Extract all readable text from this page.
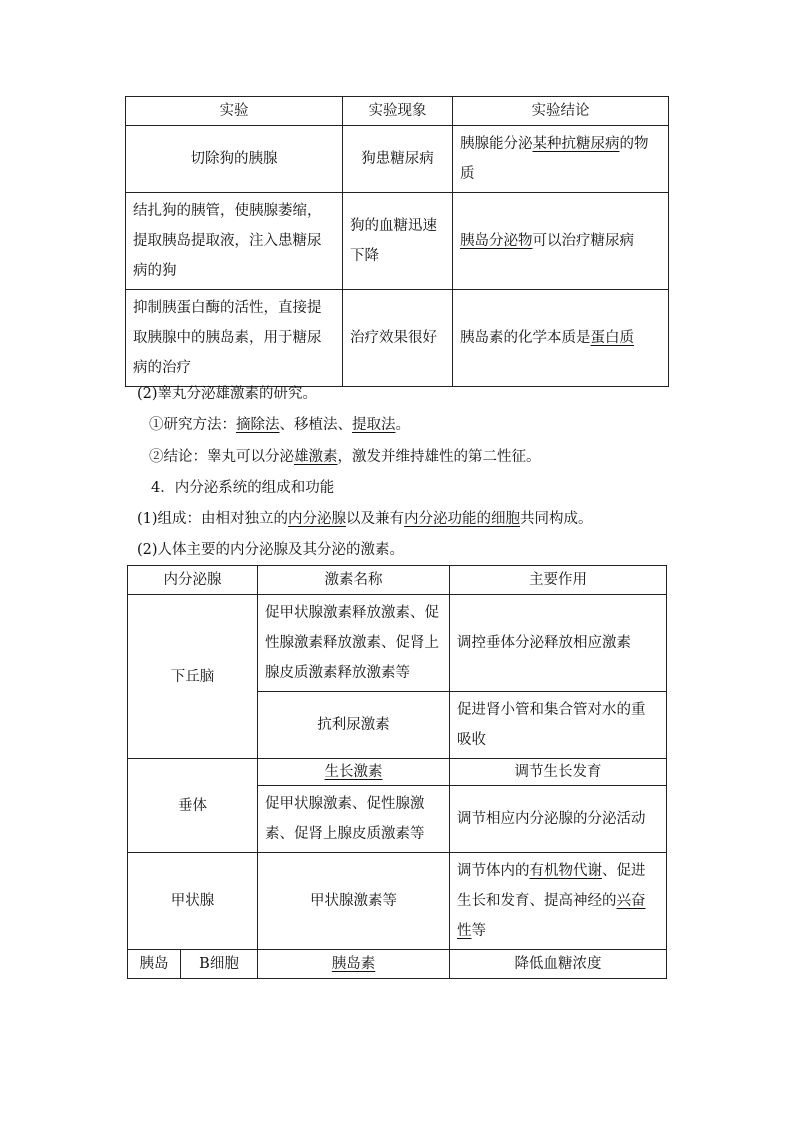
实验	实验现象	实验结论
切除狗的胰腺	狗患糖尿病	胰腺能分泌某种抗糖尿病的物质
结扎狗的胰管，使胰腺萎缩，提取胰岛提取液，注入患糖尿病的狗	狗的血糖迅速下降	胰岛分泌物可以治疗糖尿病
抑制胰蛋白酶的活性，直接提取胰腺中的胰岛素，用于糖尿病的治疗	治疗效果很好	胰岛素的化学本质是蛋白质
(2)睾丸分泌雄激素的研究。
①研究方法：摘除法、移植法、提取法。
②结论：睾丸可以分泌雄激素，激发并维持雄性的第二性征。
4．内分泌系统的组成和功能
(1)组成：由相对独立的内分泌腺以及兼有内分泌功能的细胞共同构成。
(2)人体主要的内分泌腺及其分泌的激素。
内分泌腺		激素名称	主要作用
下丘脑		促甲状腺激素释放激素、促性腺激素释放激素、促肾上腺皮质激素释放激素等	调控垂体分泌释放相应激素
		抗利尿激素	促进肾小管和集合管对水的重吸收
垂体		生长激素	调节生长发育
		促甲状腺激素、促性腺激素、促肾上腺皮质激素等	调节相应内分泌腺的分泌活动
甲状腺		甲状腺激素等	调节体内的有机物代谢、促进生长和发育、提高神经的兴奋性等
胰岛	B细胞	胰岛素	降低血糖浓度
